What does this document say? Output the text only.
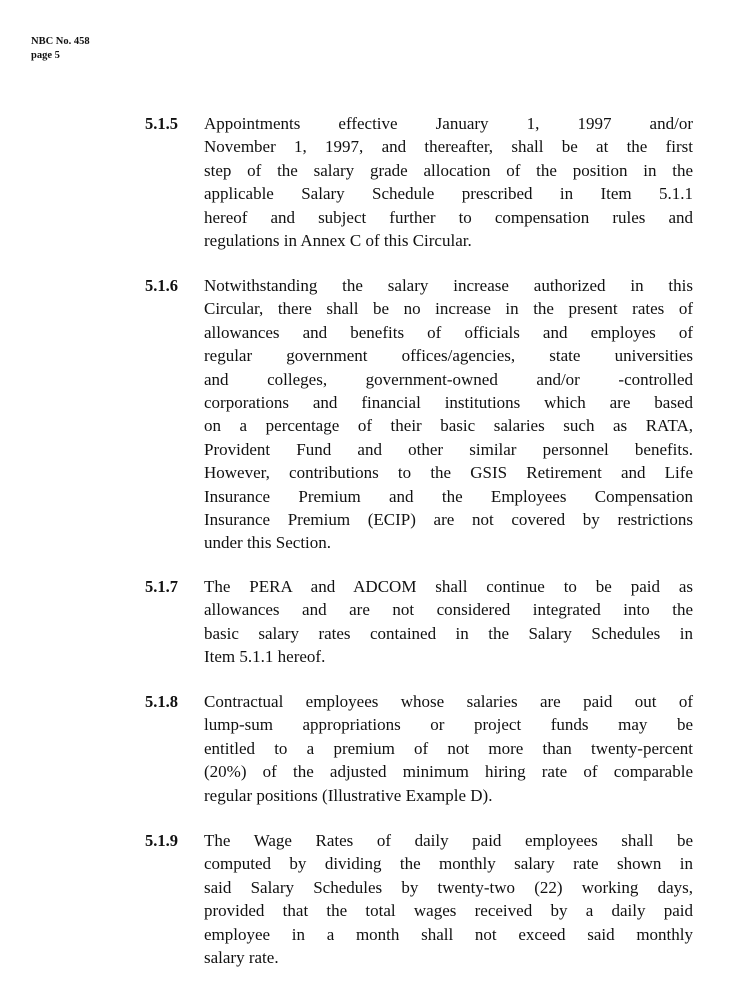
NBC No. 458
page 5
5.1.5 Appointments effective January 1, 1997 and/or
November 1, 1997, and thereafter, shall be at the first
step of the salary grade allocation of the position in the
applicable Salary Schedule prescribed in Item 5.1.1
hereof and subject further to compensation rules and
regulations in Annex C of this Circular.
5.1.6 Notwithstanding the salary increase authorized in this
Circular, there shall be no increase in the present rates of
allowances and benefits of officials and employes of
regular government offices/agencies, state universities
and colleges, government-owned and/or -controlled
corporations and financial institutions which are based
on a percentage of their basic salaries such as RATA,
Provident Fund and other similar personnel benefits.
However, contributions to the GSIS Retirement and Life
Insurance Premium and the Employees Compensation
Insurance Premium (ECIP) are not covered by restrictions
under this Section.
5.1.7 The PERA and ADCOM shall continue to be paid as
allowances and are not considered integrated into the
basic salary rates contained in the Salary Schedules in
Item 5.1.1 hereof.
5.1.8 Contractual employees whose salaries are paid out of
lump-sum appropriations or project funds may be
entitled to a premium of not more than twenty-percent
(20%) of the adjusted minimum hiring rate of comparable
regular positions (Illustrative Example D).
5.1.9 The Wage Rates of daily paid employees shall be
computed by dividing the monthly salary rate shown in
said Salary Schedules by twenty-two (22) working days,
provided that the total wages received by a daily paid
employee in a month shall not exceed said monthly
salary rate.
